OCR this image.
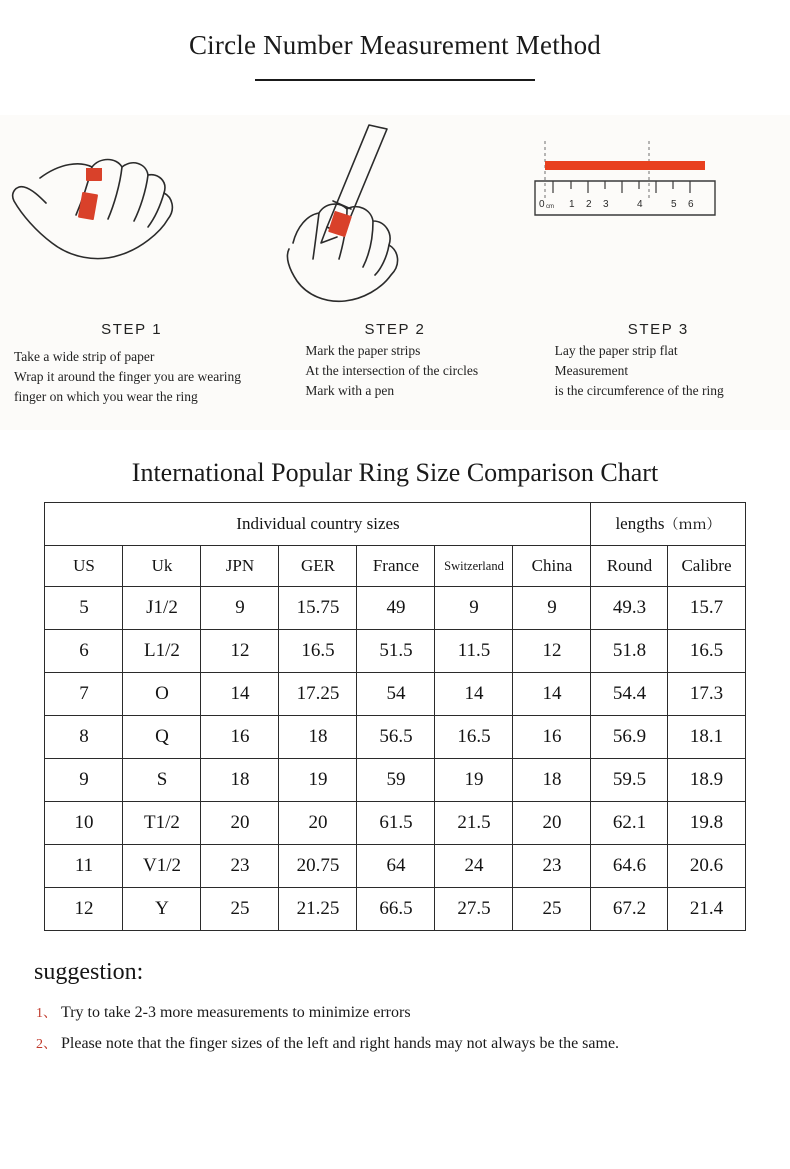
Circle Number Measurement Method
STEP 1
Take a wide strip of paper
Wrap it around the finger you are wearing
finger on which you wear the ring
STEP 2
Mark the paper strips
At the intersection of the circles
Mark with a pen
0 cm 1 2 3	4	5 6
STEP 3
Lay the paper strip flat
Measurement
is the circumference of the ring
International Popular Ring Size Comparison Chart
Individual country sizes							lengths（ｍｍ）	
US	Uk	JPN	GER	France	Switzerland	China	Round	Calibre
5	J1/2	9	15.75	49	9	9	49.3	15.7
6	L1/2	12	16.5	51.5	11.5	12	51.8	16.5
7	O	14	17.25	54	14	14	54.4	17.3
8	Q	16	18	56.5	16.5	16	56.9	18.1
9	S	18	19	59	19	18	59.5	18.9
10	T1/2	20	20	61.5	21.5	20	62.1	19.8
11	V1/2	23	20.75	64	24	23	64.6	20.6
12	Y	25	21.25	66.5	27.5	25	67.2	21.4
suggestion:
1、 Try to take 2-3 more measurements to minimize errors
2、 Please note that the finger sizes of the left and right hands may not always be the same.
